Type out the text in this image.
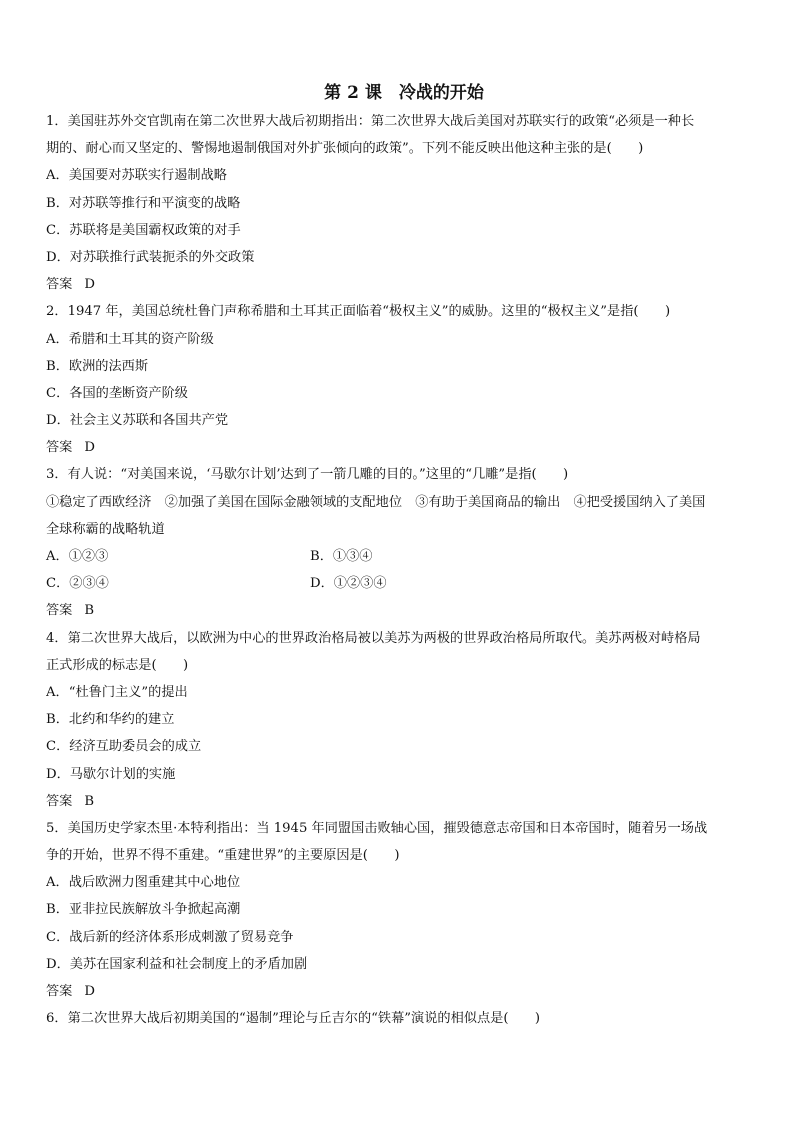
第 2 课　冷战的开始
1．美国驻苏外交官凯南在第二次世界大战后初期指出：第二次世界大战后美国对苏联实行的政策“必须是一种长
期的、耐心而又坚定的、警惕地遏制俄国对外扩张倾向的政策”。下列不能反映出他这种主张的是(　　)
A．美国要对苏联实行遏制战略
B．对苏联等推行和平演变的战略
C．苏联将是美国霸权政策的对手
D．对苏联推行武装扼杀的外交政策
答案 D
2．1947 年，美国总统杜鲁门声称希腊和土耳其正面临着“极权主义”的威胁。这里的“极权主义”是指(　　)
A．希腊和土耳其的资产阶级
B．欧洲的法西斯
C．各国的垄断资产阶级
D．社会主义苏联和各国共产党
答案 D
3．有人说：“对美国来说，‘马歇尔计划’达到了一箭几雕的目的。”这里的“几雕”是指(　　)
①稳定了西欧经济　②加强了美国在国际金融领域的支配地位　③有助于美国商品的输出　④把受援国纳入了美国
全球称霸的战略轨道
A．①②③	B．①③④
C．②③④	D．①②③④
答案 B
4．第二次世界大战后，以欧洲为中心的世界政治格局被以美苏为两极的世界政治格局所取代。美苏两极对峙格局
正式形成的标志是(　　)
A．“杜鲁门主义”的提出
B．北约和华约的建立
C．经济互助委员会的成立
D．马歇尔计划的实施
答案 B
5．美国历史学家杰里·本特利指出：当 1945 年同盟国击败轴心国，摧毁德意志帝国和日本帝国时，随着另一场战
争的开始，世界不得不重建。“重建世界”的主要原因是(　　)
A．战后欧洲力图重建其中心地位
B．亚非拉民族解放斗争掀起高潮
C．战后新的经济体系形成刺激了贸易竞争
D．美苏在国家利益和社会制度上的矛盾加剧
答案 D
6．第二次世界大战后初期美国的“遏制”理论与丘吉尔的“铁幕”演说的相似点是(　　)
